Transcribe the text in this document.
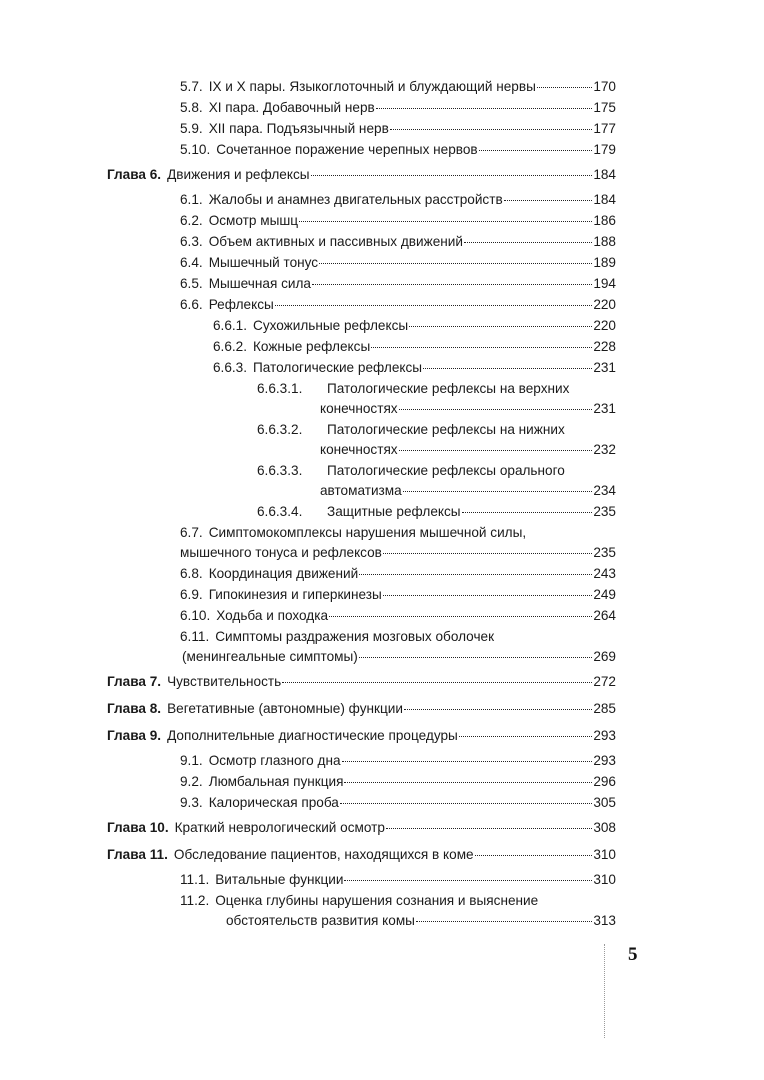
5.7. IX и X пары. Языкоглоточный и блуждающий нервы	170
5.8. XI пара. Добавочный нерв	175
5.9. XII пара. Подъязычный нерв	177
5.10. Сочетанное поражение черепных нервов	179
Глава 6. Движения и рефлексы	184
6.1. Жалобы и анамнез двигательных расстройств	184
6.2. Осмотр мышц	186
6.3. Объем активных и пассивных движений	188
6.4. Мышечный тонус	189
6.5. Мышечная сила	194
6.6. Рефлексы	220
6.6.1. Сухожильные рефлексы	220
6.6.2. Кожные рефлексы	228
6.6.3. Патологические рефлексы	231
6.6.3.1.	Патологические рефлексы на верхних
конечностях	231
6.6.3.2.	Патологические рефлексы на нижних
конечностях	232
6.6.3.3.	Патологические рефлексы орального
автоматизма	234
6.6.3.4.	Защитные рефлексы	235
6.7. Симптомокомплексы нарушения мышечной силы,
мышечного тонуса и рефлексов	235
6.8. Координация движений	243
6.9. Гипокинезия и гиперкинезы	249
6.10. Ходьба и походка	264
6.11. Симптомы раздражения мозговых оболочек
(менингеальные симптомы)	269
Глава 7. Чувствительность	272
Глава 8. Вегетативные (автономные) функции	285
Глава 9. Дополнительные диагностические процедуры	293
9.1. Осмотр глазного дна	293
9.2. Люмбальная пункция	296
9.3. Калорическая проба	305
Глава 10. Краткий неврологический осмотр	308
Глава 11. Обследование пациентов, находящихся в коме	310
11.1. Витальные функции	310
11.2. Оценка глубины нарушения сознания и выяснение
обстоятельств развития комы	313
5
